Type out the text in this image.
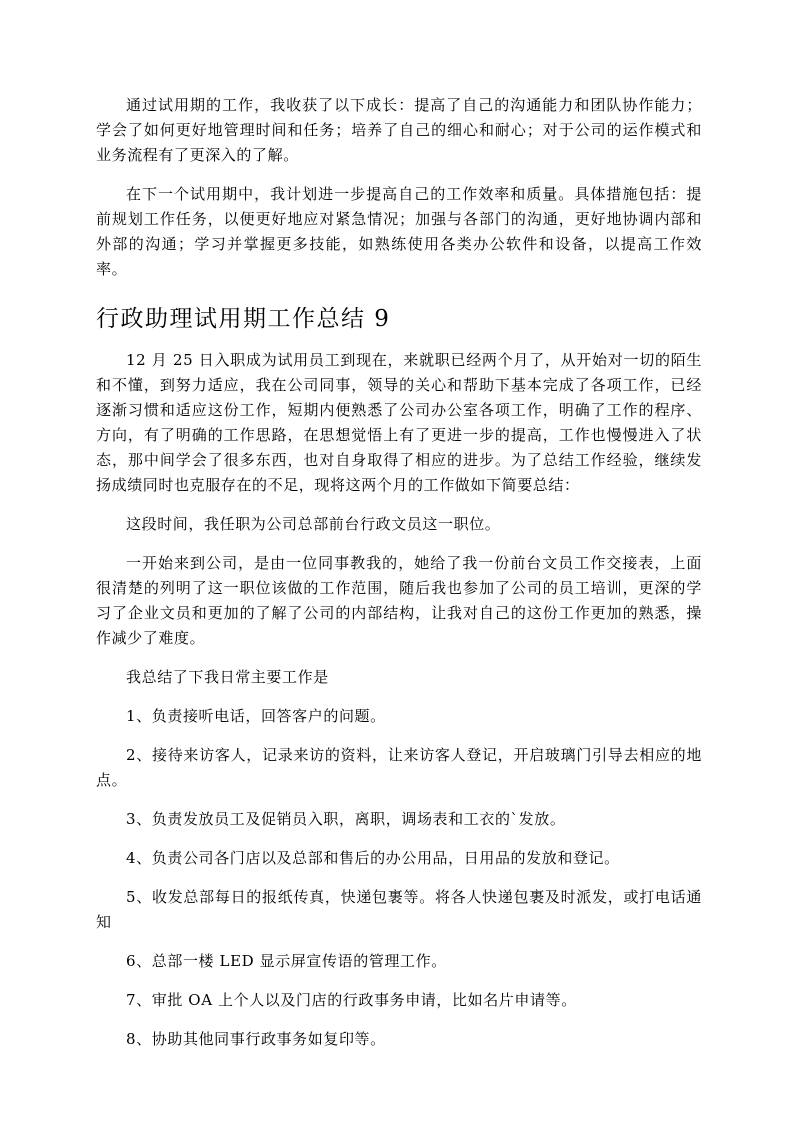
通过试用期的工作，我收获了以下成长：提高了自己的沟通能力和团队协作能力；学会了如何更好地管理时间和任务；培养了自己的细心和耐心；对于公司的运作模式和业务流程有了更深入的了解。

在下一个试用期中，我计划进一步提高自己的工作效率和质量。具体措施包括：提前规划工作任务，以便更好地应对紧急情况；加强与各部门的沟通，更好地协调内部和外部的沟通；学习并掌握更多技能，如熟练使用各类办公软件和设备，以提高工作效率。

行政助理试用期工作总结 9

12 月 25 日入职成为试用员工到现在，来就职已经两个月了，从开始对一切的陌生和不懂，到努力适应，我在公司同事，领导的关心和帮助下基本完成了各项工作，已经逐渐习惯和适应这份工作，短期内便熟悉了公司办公室各项工作，明确了工作的程序、方向，有了明确的工作思路，在思想觉悟上有了更进一步的提高，工作也慢慢进入了状态，那中间学会了很多东西，也对自身取得了相应的进步。为了总结工作经验，继续发扬成绩同时也克服存在的不足，现将这两个月的工作做如下简要总结：

这段时间，我任职为公司总部前台行政文员这一职位。

一开始来到公司，是由一位同事教我的，她给了我一份前台文员工作交接表，上面很清楚的列明了这一职位该做的工作范围，随后我也参加了公司的员工培训，更深的学习了企业文员和更加的了解了公司的内部结构，让我对自己的这份工作更加的熟悉，操作减少了难度。

我总结了下我日常主要工作是

1、负责接听电话，回答客户的问题。

2、接待来访客人，记录来访的资料，让来访客人登记，开启玻璃门引导去相应的地点。

3、负责发放员工及促销员入职，离职，调场表和工衣的`发放。

4、负责公司各门店以及总部和售后的办公用品，日用品的发放和登记。

5、收发总部每日的报纸传真，快递包裹等。将各人快递包裹及时派发，或打电话通知

6、总部一楼 LED 显示屏宣传语的管理工作。

7、审批 OA 上个人以及门店的行政事务申请，比如名片申请等。

8、协助其他同事行政事务如复印等。
